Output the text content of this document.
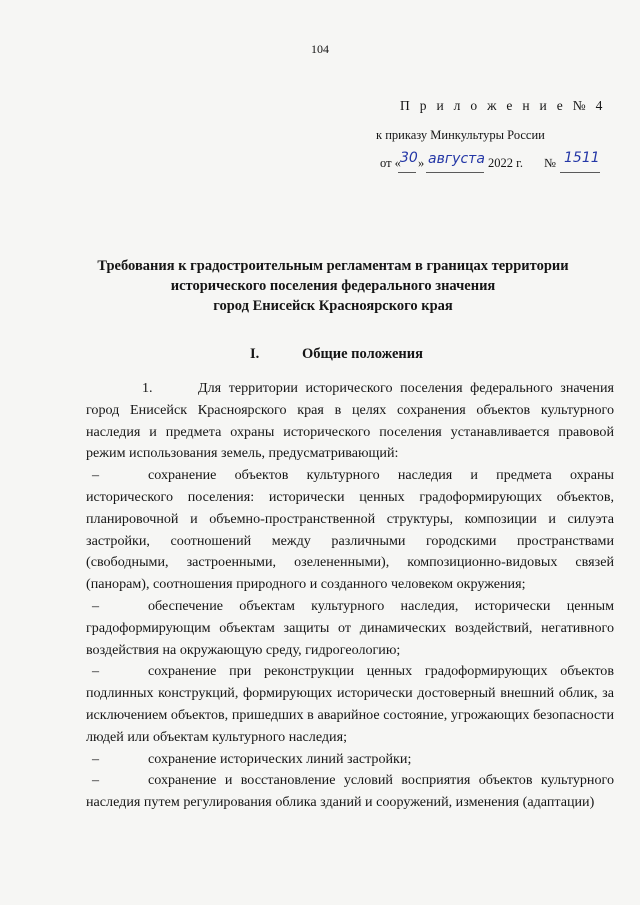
104
П р и л о ж е н и е № 4
к приказу Минкультуры России
от « 30 » августа 2022 г. № 1511
Требования к градостроительным регламентам в границах территории
исторического поселения федерального значения
город Енисейск Красноярского края
I.	Общие положения

1.	Для территории исторического поселения федерального значения город Енисейск Красноярского края в целях сохранения объектов культурного наследия и предмета охраны исторического поселения устанавливается правовой режим использования земель, предусматривающий:

–	сохранение объектов культурного наследия и предмета охраны исторического поселения: исторически ценных градоформирующих объектов, планировочной и объемно-пространственной структуры, композиции и силуэта застройки, соотношений между различными городскими пространствами (свободными, застроенными, озелененными), композиционно-видовых связей (панорам), соотношения природного и созданного человеком окружения;

–	обеспечение объектам культурного наследия, исторически ценным градоформирующим объектам защиты от динамических воздействий, негативного воздействия на окружающую среду, гидрогеологию;

–	сохранение при реконструкции ценных градоформирующих объектов подлинных конструкций, формирующих исторически достоверный внешний облик, за исключением объектов, пришедших в аварийное состояние, угрожающих безопасности людей или объектам культурного наследия;

–	сохранение исторических линий застройки;

–	сохранение и восстановление условий восприятия объектов культурного наследия путем регулирования облика зданий и сооружений, изменения (адаптации)
